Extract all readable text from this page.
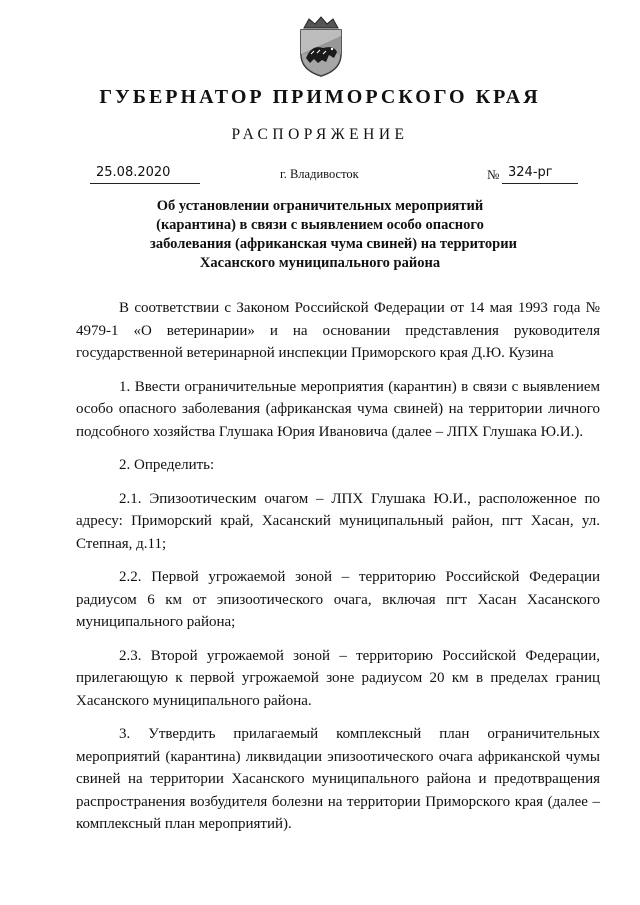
ГУБЕРНАТОР ПРИМОРСКОГО КРАЯ
РАСПОРЯЖЕНИЕ
25.08.2020	г. Владивосток	№ 324-рг
Об установлении ограничительных мероприятий
(карантина) в связи с выявлением особо опасного
заболевания (африканская чума свиней) на территории
Хасанского муниципального района

В соответствии с Законом Российской Федерации от 14 мая 1993 года № 4979-1 «О ветеринарии» и на основании представления руководителя государственной ветеринарной инспекции Приморского края Д.Ю. Кузина

1. Ввести ограничительные мероприятия (карантин) в связи с выявлением особо опасного заболевания (африканская чума свиней) на территории личного подсобного хозяйства Глушака Юрия Ивановича (далее – ЛПХ Глушака Ю.И.).

2. Определить:

2.1. Эпизоотическим очагом – ЛПХ Глушака Ю.И., расположенное по адресу: Приморский край, Хасанский муниципальный район, пгт Хасан, ул. Степная, д.11;

2.2. Первой угрожаемой зоной – территорию Российской Федерации радиусом 6 км от эпизоотического очага, включая пгт Хасан Хасанского муниципального района;

2.3. Второй угрожаемой зоной – территорию Российской Федерации, прилегающую к первой угрожаемой зоне радиусом 20 км в пределах границ Хасанского муниципального района.

3. Утвердить прилагаемый комплексный план ограничительных мероприятий (карантина) ликвидации эпизоотического очага африканской чумы свиней на территории Хасанского муниципального района и предотвращения распространения возбудителя болезни на территории Приморского края (далее – комплексный план мероприятий).
